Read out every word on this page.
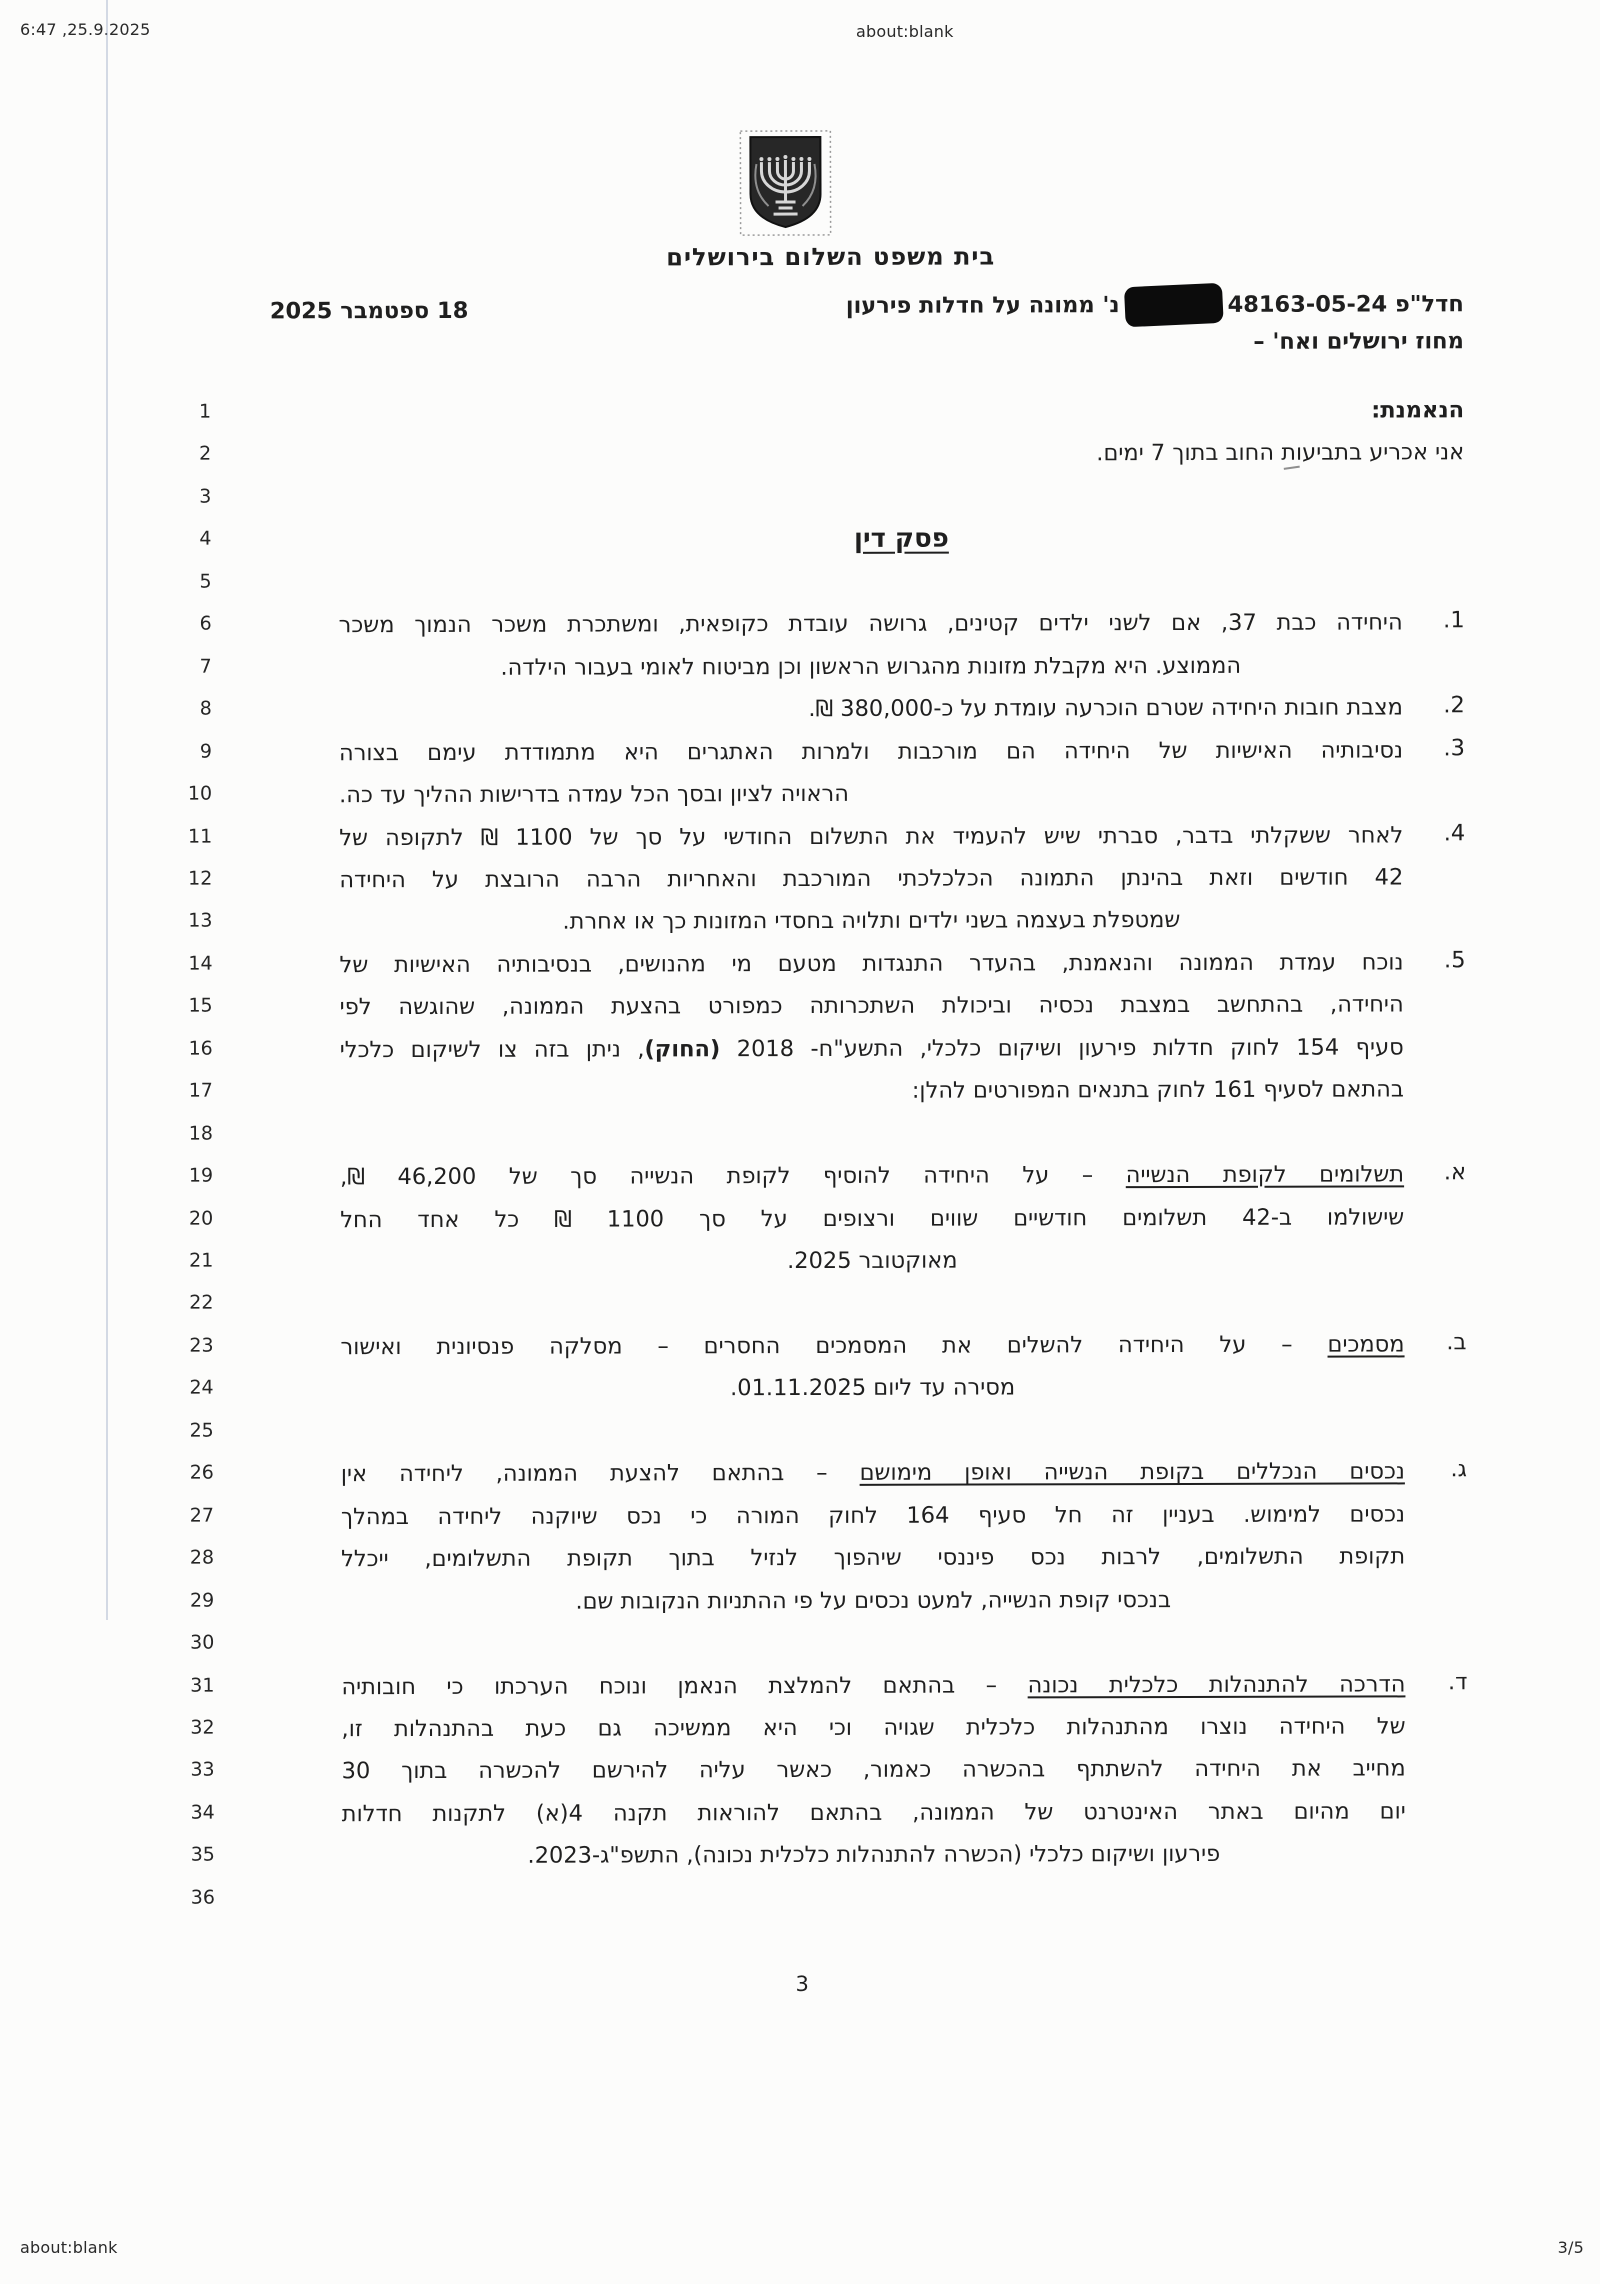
6:47 ,25.9.2025	about:blank
בית משפט השלום בירושלים
חדל"פ 48163-05-24
נ' ממונה על חדלות פירעון
מחוז ירושלים ואח' –
18 ספטמבר 2025
1	הנאמנת:
2	אני אכריע בתביעות החוב בתוך 7 ימים.
3
4	פסק דין
5
6	1.
היחידה כבת 37, אם לשני ילדים קטינים, גרושה עובדת כקופאית, ומשתכרת משכר הנמוך משכר
7	הממוצע. היא מקבלת מזונות מהגרוש הראשון וכן מביטוח לאומי בעבור הילדה.
8	2.
מצבת חובות היחידה שטרם הוכרעה עומדת על כ-380,000 ₪.
9	3.
נסיבותיה האישיות של היחידה הם מורכבות ולמרות האתגרים היא מתמודדת עימם בצורה
10	הראויה לציון ובסך הכל עמדה בדרישות ההליך עד כה.
11	4.
לאחר ששקלתי בדבר, סברתי שיש להעמיד את התשלום החודשי על סך של 1100 ₪ לתקופה של
12	42 חודשים וזאת בהינתן התמונה הכלכלכתי המורכבת והאחריות הרבה הרובצת על היחידה
13	שמטפלת בעצמה בשני ילדים ותלויה בחסדי המזונות כך או אחרת.
14	5.
נוכח עמדת הממונה והנאמנת, בהעדר התנגדות מטעם מי מהנושים, בנסיבותיה האישיות של
15	היחידה, בהתחשב במצבת נכסיה וביכולת השתכרותה כמפורט בהצעת הממונה, שהוגשה לפי
16	סעיף 154 לחוק חדלות פירעון ושיקום כלכלי, התשע"ח- 2018 (החוק), ניתן בזה צו לשיקום כלכלי
17	בהתאם לסעיף 161 לחוק בתנאים המפורטים להלן:
18
19	א.
תשלומים לקופת הנשייה – על היחידה להוסיף לקופת הנשייה סך של 46,200 ₪,
20	שישולמו ב-42 תשלומים חודשיים שווים ורצופים על סך 1100 ₪ כל אחד החל
21	מאוקטובר 2025.
22
23	ב.
מסמכים – על היחידה להשלים את המסמכים החסרים – מסלקה פנסיונית ואישור
24	מסירה עד ליום 01.11.2025.
25
26	ג.
נכסים הנכללים בקופת הנשייה ואופן מימושם – בהתאם להצעת הממונה, ליחידה אין
27	נכסים למימוש. בעניין זה חל סעיף 164 לחוק המורה כי נכס שיוקנה ליחידה במהלך
28	תקופת התשלומים, לרבות נכס פיננסי שיהפוך לנזיל בתוך תקופת התשלומים, ייכלל
29	בנכסי קופת הנשייה, למעט נכסים על פי ההתניות הנקובות שם.
30
31	ד.
הדרכה להתנהלות כלכלית נכונה – בהתאם להמלצת הנאמן ונוכח הערכתו כי חובותיה
32	של היחידה נוצרו מהתנהלות כלכלית שגויה וכי היא ממשיכה גם כעת בהתנהלות זו,
33	מחייב את היחידה להשתתף בהכשרה כאמור, כאשר עליה להירשם להכשרה בתוך 30
34	יום מהיום באתר האינטרנט של הממונה, בהתאם להוראות תקנה 4(א) לתקנות חדלות
35	פירעון ושיקום כלכלי (הכשרה להתנהלות כלכלית נכונה), התשפ"ג-2023.
36
3
about:blank	3/5
